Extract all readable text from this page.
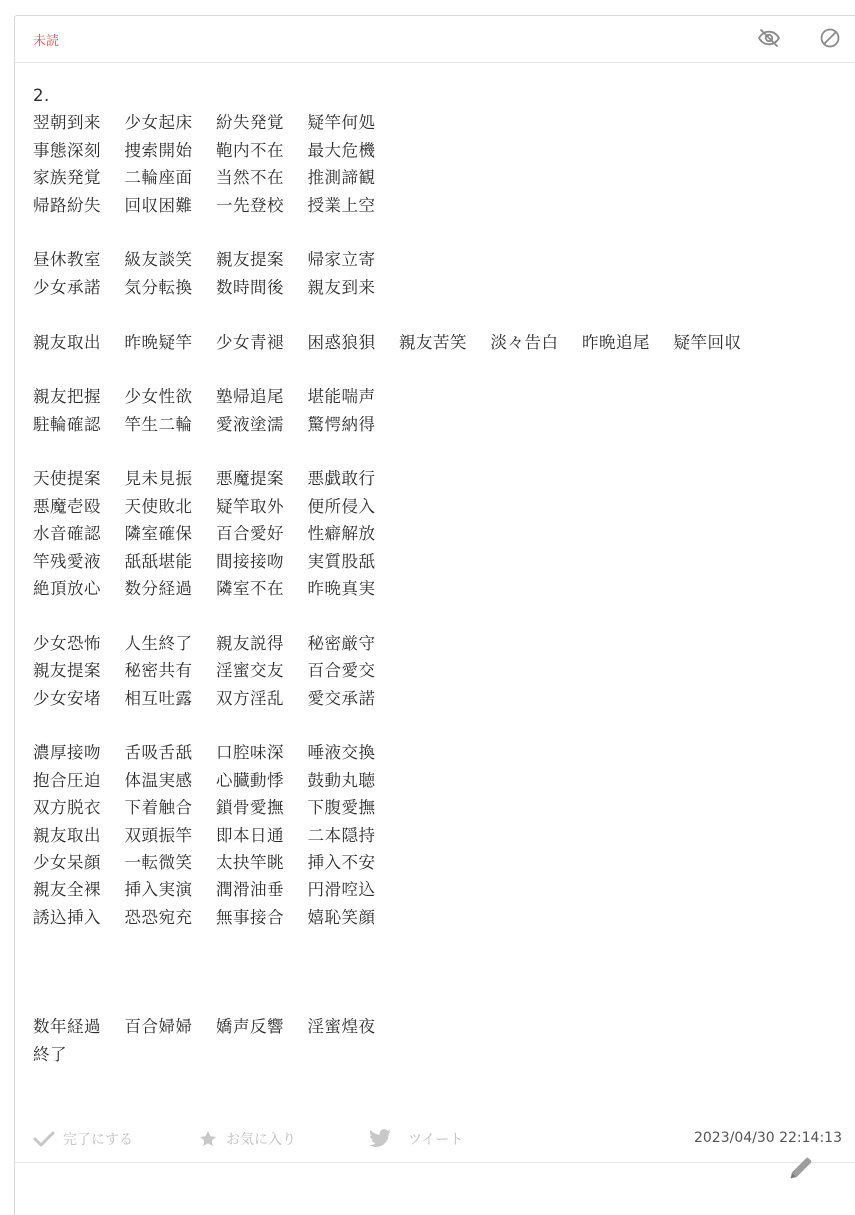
未読
2.
翌朝到来 少女起床 紛失発覚 疑竿何処
事態深刻 捜索開始 鞄内不在 最大危機
家族発覚 二輪座面 当然不在 推測諦観
帰路紛失 回収困難 一先登校 授業上空
昼休教室 級友談笑 親友提案 帰家立寄
少女承諾 気分転換 数時間後 親友到来
親友取出 昨晩疑竿 少女青褪 困惑狼狽 親友苦笑 淡々告白 昨晩追尾 疑竿回収
親友把握 少女性欲 塾帰追尾 堪能喘声
駐輪確認 竿生二輪 愛液塗濡 驚愕納得
天使提案 見未見振 悪魔提案 悪戯敢行
悪魔壱殴 天使敗北 疑竿取外 便所侵入
水音確認 隣室確保 百合愛好 性癖解放
竿残愛液 舐舐堪能 間接接吻 実質股舐
絶頂放心 数分経過 隣室不在 昨晩真実
少女恐怖 人生終了 親友説得 秘密厳守
親友提案 秘密共有 淫蜜交友 百合愛交
少女安堵 相互吐露 双方淫乱 愛交承諾
濃厚接吻 舌吸舌舐 口腔味深 唾液交換
抱合圧迫 体温実感 心臓動悸 鼓動丸聴
双方脱衣 下着触合 鎖骨愛撫 下腹愛撫
親友取出 双頭振竿 即本日通 二本隠持
少女呆顔 一転微笑 太抉竿眺 挿入不安
親友全裸 挿入実演 潤滑油垂 円滑啌込
誘込挿入 恐恐宛充 無事接合 嬉恥笑顔
数年経過 百合婦婦 嬌声反響 淫蜜煌夜
終了
完了にする	お気に入り	ツイート	2023/04/30 22:14:13
